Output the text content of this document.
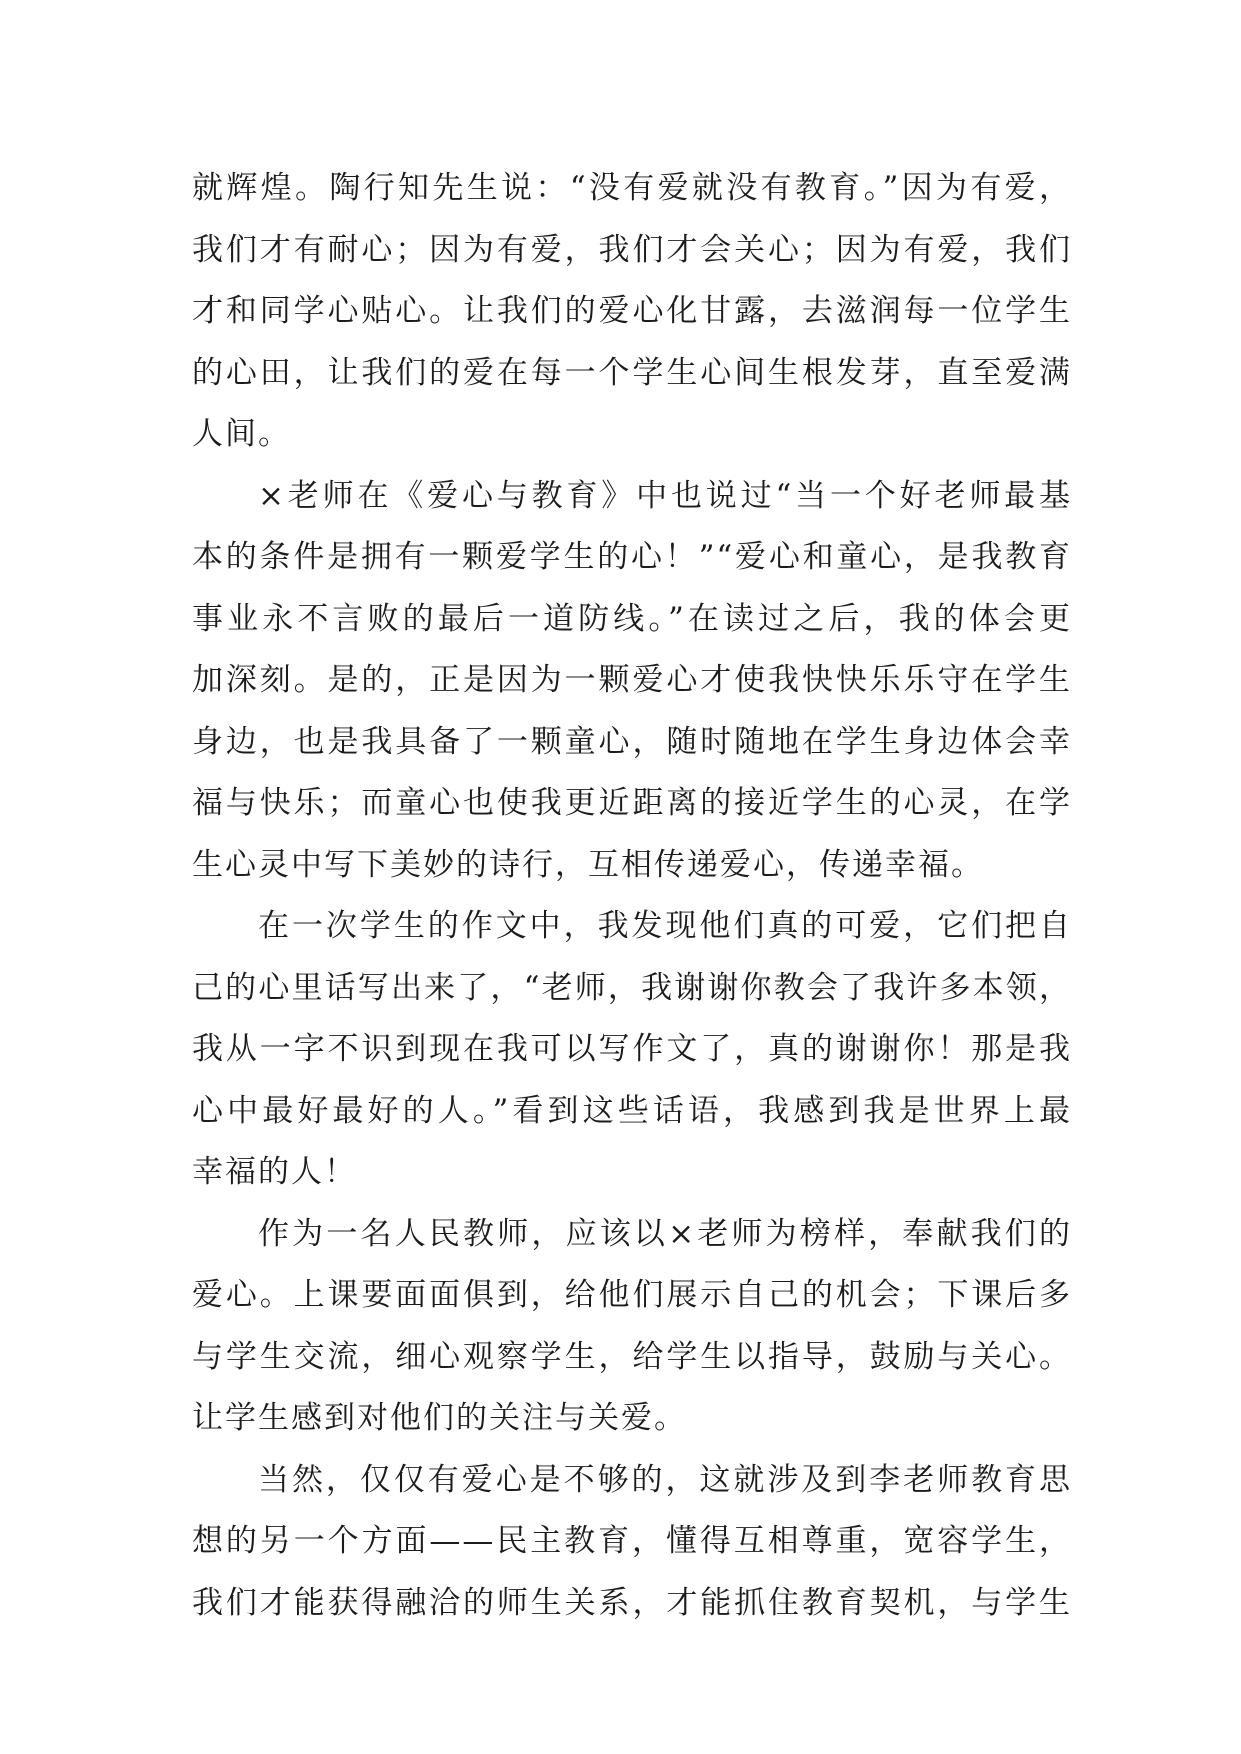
就辉煌。陶行知先生说：“没有爱就没有教育。”因为有爱，
我们才有耐心；因为有爱，我们才会关心；因为有爱，我们
才和同学心贴心。让我们的爱心化甘露，去滋润每一位学生
的心田，让我们的爱在每一个学生心间生根发芽，直至爱满
人间。
×老师在《爱心与教育》中也说过“当一个好老师最基
本的条件是拥有一颗爱学生的心！”“爱心和童心，是我教育
事业永不言败的最后一道防线。”在读过之后，我的体会更
加深刻。是的，正是因为一颗爱心才使我快快乐乐守在学生
身边，也是我具备了一颗童心，随时随地在学生身边体会幸
福与快乐；而童心也使我更近距离的接近学生的心灵，在学
生心灵中写下美妙的诗行，互相传递爱心，传递幸福。
在一次学生的作文中，我发现他们真的可爱，它们把自
己的心里话写出来了，“老师，我谢谢你教会了我许多本领，
我从一字不识到现在我可以写作文了，真的谢谢你！那是我
心中最好最好的人。”看到这些话语，我感到我是世界上最
幸福的人！
作为一名人民教师，应该以×老师为榜样，奉献我们的
爱心。上课要面面俱到，给他们展示自己的机会；下课后多
与学生交流，细心观察学生，给学生以指导，鼓励与关心。
让学生感到对他们的关注与关爱。
当然，仅仅有爱心是不够的，这就涉及到李老师教育思
想的另一个方面——民主教育，懂得互相尊重，宽容学生，
我们才能获得融洽的师生关系，才能抓住教育契机，与学生
